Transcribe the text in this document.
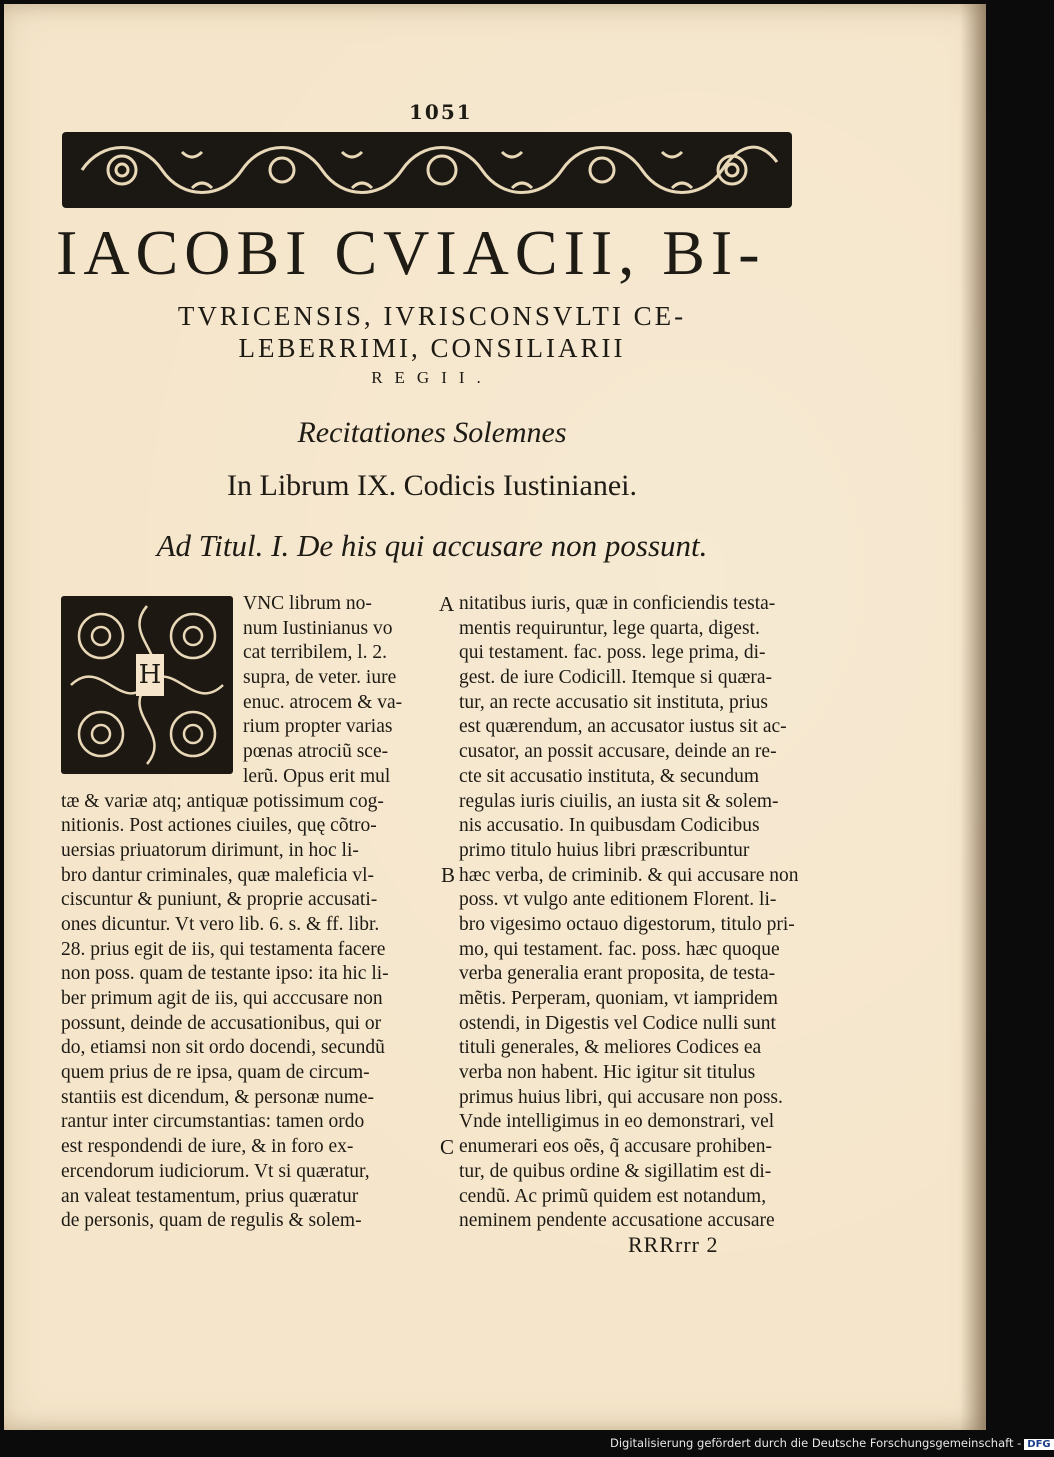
1051
IACOBI CVIACII, BI-
TVRICENSIS, IVRISCONSVLTI CE-
LEBERRIMI, CONSILIARII
REGII.
Recitationes Solemnes
In Librum IX. Codicis Iustinianei.
Ad Titul. I. De his qui accusare non possunt.
H
VNC librum no-
num Iustinianus vo
cat terribilem, l. 2.
supra, de veter. iure
enuc. atrocem & va-
rium propter varias
pœnas atrociũ sce-
lerũ. Opus erit mul
tæ & variæ atq; antiquæ potissimum cog-
nitionis. Post actiones ciuiles, quę cõtro-
uersias priuatorum dirimunt, in hoc li-
bro dantur criminales, quæ maleficia vl-
ciscuntur & puniunt, & proprie accusati-
ones dicuntur. Vt vero lib. 6. s. & ff. libr.
28. prius egit de iis, qui testamenta facere
non poss. quam de testante ipso: ita hic li-
ber primum agit de iis, qui acccusare non
possunt, deinde de accusationibus, qui or
do, etiamsi non sit ordo docendi, secundũ
quem prius de re ipsa, quam de circum-
stantiis est dicendum, & personæ nume-
rantur inter circumstantias: tamen ordo
est respondendi de iure, & in foro ex-
ercendorum iudiciorum. Vt si quæratur,
an valeat testamentum, prius quæratur
de personis, quam de regulis & solem-
A
B
C
nitatibus iuris, quæ in conficiendis testa-
mentis requiruntur, lege quarta, digest.
qui testament. fac. poss. lege prima, di-
gest. de iure Codicill. Itemque si quæra-
tur, an recte accusatio sit instituta, prius
est quærendum, an accusator iustus sit ac-
cusator, an possit accusare, deinde an re-
cte sit accusatio instituta, & secundum
regulas iuris ciuilis, an iusta sit & solem-
nis accusatio. In quibusdam Codicibus
primo titulo huius libri præscribuntur
hæc verba, de criminib. & qui accusare non
poss. vt vulgo ante editionem Florent. li-
bro vigesimo octauo digestorum, titulo pri-
mo, qui testament. fac. poss. hæc quoque
verba generalia erant proposita, de testa-
mẽtis. Perperam, quoniam, vt iampridem
ostendi, in Digestis vel Codice nulli sunt
tituli generales, & meliores Codices ea
verba non habent. Hic igitur sit titulus
primus huius libri, qui accusare non poss.
Vnde intelligimus in eo demonstrari, vel
enumerari eos oẽs, q̃ accusare prohiben-
tur, de quibus ordine & sigillatim est di-
cendũ. Ac primũ quidem est notandum,
neminem pendente accusatione accusare
RRRrrr 2
Digitalisierung gefördert durch die Deutsche Forschungsgemeinschaft - DFG
